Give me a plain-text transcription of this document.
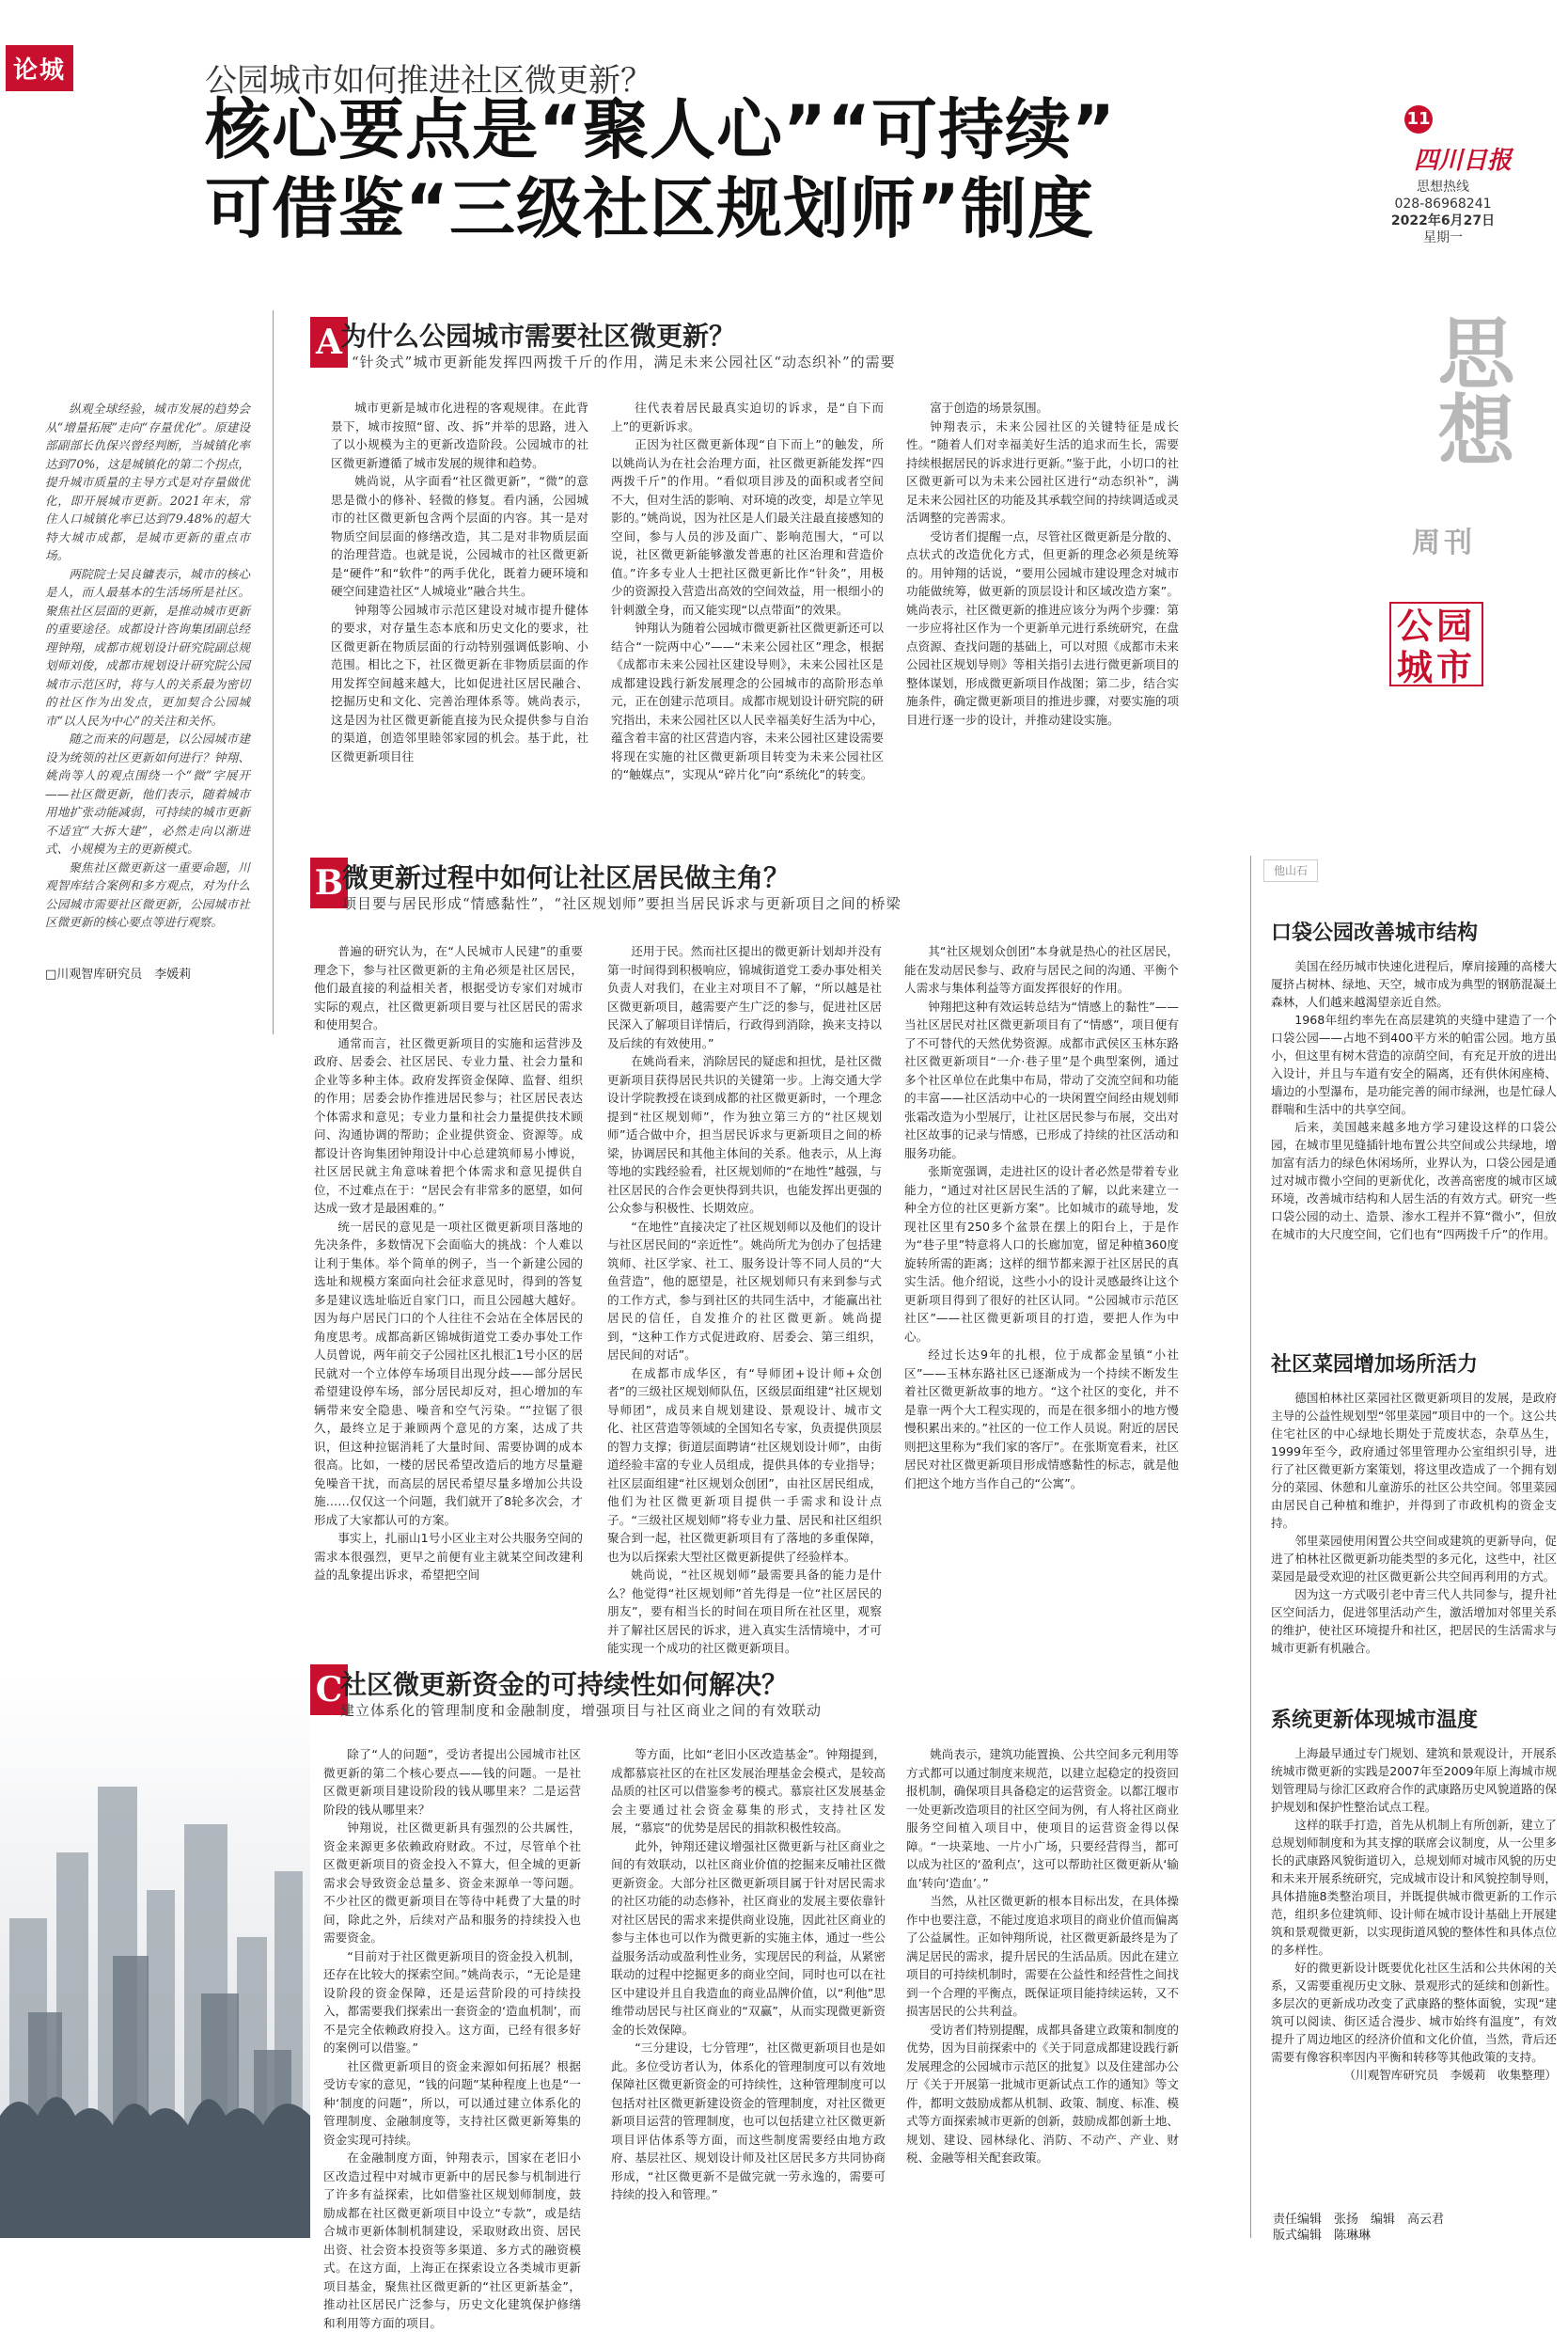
论城	公园城市如何推进社区微更新？
核心要点是“聚人心”“可持续”
可借鉴“三级社区规划师”制度
11
四川日报
思想热线
028-86968241
2022年6月27日
星期一
思想
周刊
公园城市

纵观全球经验，城市发展的趋势会从“增量拓展”走向“存量优化”。原建设部副部长仇保兴曾经判断，当城镇化率达到70%，这是城镇化的第二个拐点，提升城市质量的主导方式是对存量做优化，即开展城市更新。2021年末，常住人口城镇化率已达到79.48%的超大特大城市成都，是城市更新的重点市场。

两院院士吴良镛表示，城市的核心是人，而人最基本的生活场所是社区。聚焦社区层面的更新，是推动城市更新的重要途径。成都设计咨询集团副总经理钟翔，成都市规划设计研究院副总规划师刘俊，成都市规划设计研究院公园城市示范区时，将与人的关系最为密切的社区作为出发点，更加契合公园城市“以人民为中心”的关注和关怀。

随之而来的问题是，以公园城市建设为统领的社区更新如何进行？钟翔、姚尚等人的观点围绕一个“微”字展开——社区微更新，他们表示，随着城市用地扩张动能减弱，可持续的城市更新不适宜“大拆大建”，必然走向以渐进式、小规模为主的更新模式。

聚焦社区微更新这一重要命题，川观智库结合案例和多方观点，对为什么公园城市需要社区微更新，公园城市社区微更新的核心要点等进行观察。

□川观智库研究员　李媛莉
A
为什么公园城市需要社区微更新？
“针灸式”城市更新能发挥四两拨千斤的作用，满足未来公园社区“动态织补”的需要

城市更新是城市化进程的客观规律。在此背景下，城市按照“留、改、拆”并举的思路，进入了以小规模为主的更新改造阶段。公园城市的社区微更新遵循了城市发展的规律和趋势。

姚尚说，从字面看“社区微更新”，“微”的意思是微小的修补、轻微的修复。看内涵，公园城市的社区微更新包含两个层面的内容。其一是对物质空间层面的修缮改造，其二是对非物质层面的治理营造。也就是说，公园城市的社区微更新是“硬件”和“软件”的两手优化，既着力硬环境和硬空间建造社区“人城境业”融合共生。

钟翔等公园城市示范区建设对城市提升健体的要求，对存量生态本底和历史文化的要求，社区微更新在物质层面的行动特别强调低影响、小范围。相比之下，社区微更新在非物质层面的作用发挥空间越来越大，比如促进社区居民融合、挖掘历史和文化、完善治理体系等。姚尚表示，这是因为社区微更新能直接为民众提供参与自治的渠道，创造邻里睦邻家园的机会。基于此，社区微更新项目往

往代表着居民最真实迫切的诉求，是“自下而上”的更新诉求。

正因为社区微更新体现“自下而上”的触发，所以姚尚认为在社会治理方面，社区微更新能发挥“四两拨千斤”的作用。“看似项目涉及的面积或者空间不大，但对生活的影响、对环境的改变，却是立竿见影的。”姚尚说，因为社区是人们最关注最直接感知的空间，参与人员的涉及面广、影响范围大，“可以说，社区微更新能够激发普惠的社区治理和营造价值。”许多专业人士把社区微更新比作“针灸”，用极少的资源投入营造出高效的空间效益，用一根细小的针刺激全身，而又能实现“以点带面”的效果。

钟翔认为随着公园城市微更新社区微更新还可以结合“一院两中心”——“未来公园社区”理念，根据《成都市未来公园社区建设导则》，未来公园社区是成都建设践行新发展理念的公园城市的高阶形态单元，正在创建示范项目。成都市规划设计研究院的研究指出，未来公园社区以人民幸福美好生活为中心，蕴含着丰富的社区营造内容，未来公园社区建设需要将现在实施的社区微更新项目转变为未来公园社区的“触媒点”，实现从“碎片化”向“系统化”的转变。

富于创造的场景氛围。

钟翔表示，未来公园社区的关键特征是成长性。“随着人们对幸福美好生活的追求而生长，需要持续根据居民的诉求进行更新。”鉴于此，小切口的社区微更新可以为未来公园社区进行“动态织补”，满足未来公园社区的功能及其承载空间的持续调适或灵活调整的完善需求。

受访者们提醒一点，尽管社区微更新是分散的、点状式的改造优化方式，但更新的理念必须是统筹的。用钟翔的话说，“要用公园城市建设理念对城市功能做统筹，做更新的顶层设计和区域改造方案”。姚尚表示，社区微更新的推进应该分为两个步骤：第一步应将社区作为一个更新单元进行系统研究，在盘点资源、查找问题的基础上，可以对照《成都市未来公园社区规划导则》等相关指引去进行微更新项目的整体谋划，形成微更新项目作战图；第二步，结合实施条件，确定微更新项目的推进步骤，对要实施的项目进行逐一步的设计，并推动建设实施。

B
微更新过程中如何让社区居民做主角？
项目要与居民形成“情感黏性”，“社区规划师”要担当居民诉求与更新项目之间的桥梁

普遍的研究认为，在“人民城市人民建”的重要理念下，参与社区微更新的主角必须是社区居民，他们最直接的利益相关者，根据受访专家们对城市实际的观点，社区微更新项目要与社区居民的需求和使用契合。

通常而言，社区微更新项目的实施和运营涉及政府、居委会、社区居民、专业力量、社会力量和企业等多种主体。政府发挥资金保障、监督、组织的作用；居委会协作推进居民参与；社区居民表达个体需求和意见；专业力量和社会力量提供技术顾问、沟通协调的帮助；企业提供资金、资源等。成都设计咨询集团钟翔设计中心总建筑师易小博说，社区居民就主角意味着把个体需求和意见提供自位，不过难点在于：“居民会有非常多的愿望，如何达成一致才是最困难的。”

统一居民的意见是一项社区微更新项目落地的先决条件，多数情况下会面临大的挑战：个人难以让利于集体。举个简单的例子，当一个新建公园的选址和规模方案面向社会征求意见时，得到的答复多是建议选址临近自家门口，而且公园越大越好。因为每户居民门口的个人往往不会站在全体居民的角度思考。成都高新区锦城街道党工委办事处工作人员曾说，两年前交子公园社区扎根汇1号小区的居民就对一个立体停车场项目出现分歧——部分居民希望建设停车场，部分居民却反对，担心增加的车辆带来安全隐患、噪音和空气污染。“”拉锯了很久，最终立足于兼顾两个意见的方案，达成了共识，但这种拉锯消耗了大量时间、需要协调的成本很高。比如，一楼的居民希望改造后的地方尽量避免噪音干扰，而高层的居民希望尽量多增加公共设施……仅仅这一个问题，我们就开了8轮多次会，才形成了大家都认可的方案。

事实上，扎丽山1号小区业主对公共服务空间的需求本很强烈，更早之前便有业主就某空间改建利益的乱象提出诉求，希望把空间

还用于民。然而社区提出的微更新计划却并没有第一时间得到积极响应，锦城街道党工委办事处相关负责人对我们，在业主对项目不了解，“所以越是社区微更新项目，越需要产生广泛的参与，促进社区居民深入了解项目详情后，行政得到消除，换来支持以及后续的有效使用。”

在姚尚看来，消除居民的疑虑和担忧，是社区微更新项目获得居民共识的关键第一步。上海交通大学设计学院教授在谈到成都的社区微更新时，一个理念提到“社区规划师”，作为独立第三方的“社区规划师”适合做中介，担当居民诉求与更新项目之间的桥梁，协调居民和其他主体间的关系。他表示，从上海等地的实践经验看，社区规划师的“在地性”越强，与社区居民的合作会更快得到共识，也能发挥出更强的公众参与积极性、长期效应。

“在地性”直接决定了社区规划师以及他们的设计与社区居民间的“亲近性”。姚尚所尤为创办了包括建筑师、社区学家、社工、服务设计等不同人员的“大鱼营造”，他的愿望是，社区规划师只有来到参与式的工作方式，参与到社区的共同生活中，才能赢出社居民的信任，自发推介的社区微更新。姚尚提到，“这种工作方式促进政府、居委会、第三组织，居民间的对话”。

在成都市成华区，有“导师团+设计师+众创者”的三级社区规划师队伍，区级层面组建“社区规划导师团”，成员来自规划建设、景观设计、城市文化、社区营造等领域的全国知名专家，负责提供顶层的智力支撑；街道层面聘请“社区规划设计师”，由街道经验丰富的专业人员组成，提供具体的专业指导；社区层面组建“社区规划众创团”，由社区居民组成，他们为社区微更新项目提供一手需求和设计点子。“三级社区规划师”将专业力量、居民和社区组织聚合到一起，社区微更新项目有了落地的多重保障，也为以后探索大型社区微更新提供了经验样本。

姚尚说，“社区规划师”最需要具备的能力是什么？他觉得“社区规划师”首先得是一位“社区居民的朋友”，要有相当长的时间在项目所在社区里，观察并了解社区居民的诉求，进入真实生活情境中，才可能实现一个成功的社区微更新项目。

其“社区规划众创团”本身就是热心的社区居民，能在发动居民参与、政府与居民之间的沟通、平衡个人需求与集体利益等方面发挥很好的作用。

钟翔把这种有效运转总结为“情感上的黏性”——当社区居民对社区微更新项目有了“情感”，项目便有了不可替代的天然优势资源。成都市武侯区玉林东路社区微更新项目“一介·巷子里”是个典型案例，通过多个社区单位在此集中布局，带动了交流空间和功能的丰富——社区活动中心的一块闲置空间经由规划师张霜改造为小型展厅，让社区居民参与布展，交出对社区故事的记录与情感，已形成了持续的社区活动和服务功能。

张斯宽强调，走进社区的设计者必然是带着专业能力，“通过对社区居民生活的了解，以此来建立一种全方位的社区更新方案”。比如城市的疏导地，发现社区里有250多个盆景在摆上的阳台上，于是作为“巷子里”特意将人口的长廊加宽，留足种植360度旋转所需的距离；这样的细节都来源于社区居民的真实生活。他介绍说，这些小小的设计灵感最终让这个更新项目得到了很好的社区认同。“公园城市示范区社区”——社区微更新项目的打造，要把人作为中心。

经过长达9年的扎根，位于成都金星镇“小社区”——玉林东路社区已逐渐成为一个持续不断发生着社区微更新故事的地方。“这个社区的变化，并不是靠一两个大工程实现的，而是在很多细小的地方慢慢积累出来的。”社区的一位工作人员说。附近的居民则把这里称为“我们家的客厅”。在张斯宽看来，社区居民对社区微更新项目形成情感黏性的标志，就是他们把这个地方当作自己的“公寓”。

C
社区微更新资金的可持续性如何解决？
建立体系化的管理制度和金融制度，增强项目与社区商业之间的有效联动

除了“人的问题”，受访者提出公园城市社区微更新的第二个核心要点——钱的问题。一是社区微更新项目建设阶段的钱从哪里来？二是运营阶段的钱从哪里来？

钟翔说，社区微更新具有强烈的公共属性，资金来源更多依赖政府财政。不过，尽管单个社区微更新项目的资金投入不算大，但全城的更新需求会导致资金总量多、资金来源单一等问题。不少社区的微更新项目在等待中耗费了大量的时间，除此之外，后续对产品和服务的持续投入也需要资金。

“目前对于社区微更新项目的资金投入机制，还存在比较大的探索空间。”姚尚表示，“无论是建设阶段的资金保障，还是运营阶段的可持续投入，都需要我们探索出一套资金的‘造血机制’，而不是完全依赖政府投入。这方面，已经有很多好的案例可以借鉴。”

社区微更新项目的资金来源如何拓展？根据受访专家的意见，“钱的问题”某种程度上也是“一种‘制度的问题”，所以，可以通过建立体系化的管理制度、金融制度等，支持社区微更新筹集的资金实现可持续。

在金融制度方面，钟翔表示，国家在老旧小区改造过程中对城市更新中的居民参与机制进行了许多有益探索，比如借鉴社区规划师制度，鼓励成都在社区微更新项目中设立“专款”，或是结合城市更新体制机制建设，采取财政出资、居民出资、社会资本投资等多渠道、多方式的融资模式。在这方面，上海正在探索设立各类城市更新项目基金，聚焦社区微更新的“社区更新基金”，推动社区居民广泛参与，历史文化建筑保护修缮和利用等方面的项目。

等方面，比如“老旧小区改造基金”。钟翔提到，成都慕宸社区的在社区发展治理基金会模式，是较高品质的社区可以借鉴参考的模式。慕宸社区发展基金会主要通过社会资金募集的形式，支持社区发展，“慕宸”的优势是居民的捐款积极性较高。

此外，钟翔还建议增强社区微更新与社区商业之间的有效联动，以社区商业价值的挖掘来反哺社区微更新资金。大部分社区微更新项目属于针对居民需求的社区功能的动态修补，社区商业的发展主要依靠针对社区居民的需求来提供商业设施，因此社区商业的参与主体也可以作为微更新的实施主体，通过一些公益服务活动或盈利性业务，实现居民的利益，从紧密联动的过程中挖掘更多的商业空间，同时也可以在社区中建设并且自我造血的商业品牌价值，以“利他”思维带动居民与社区商业的“双赢”，从而实现微更新资金的长效保障。

“三分建设，七分管理”，社区微更新项目也是如此。多位受访者认为，体系化的管理制度可以有效地保障社区微更新资金的可持续性，这种管理制度可以包括对社区微更新建设资金的管理制度，对社区微更新项目运营的管理制度，也可以包括建立社区微更新项目评估体系等方面，而这些制度需要经由地方政府、基层社区、规划设计师及社区居民多方共同协商形成，“社区微更新不是做完就一劳永逸的，需要可持续的投入和管理。”

姚尚表示，建筑功能置换、公共空间多元利用等方式都可以通过制度来规范，以建立起稳定的投资回报机制，确保项目具备稳定的运营资金。以都江堰市一处更新改造项目的社区空间为例，有人将社区商业服务空间植入项目中，使项目的运营资金得以保障。“一块菜地、一片小广场，只要经营得当，都可以成为社区的‘盈利点’，这可以帮助社区微更新从‘输血’转向‘造血’。”

当然，从社区微更新的根本目标出发，在具体操作中也要注意，不能过度追求项目的商业价值而偏离了公益属性。正如钟翔所说，社区微更新最终是为了满足居民的需求，提升居民的生活品质。因此在建立项目的可持续机制时，需要在公益性和经营性之间找到一个合理的平衡点，既保证项目能持续运转，又不损害居民的公共利益。

受访者们特别提醒，成都具备建立政策和制度的优势，因为目前探索中的《关于同意成都建设践行新发展理念的公园城市示范区的批复》以及住建部办公厅《关于开展第一批城市更新试点工作的通知》等文件，都明文鼓励成都从机制、政策、制度、标准、模式等方面探索城市更新的创新，鼓励成都创新土地、规划、建设、园林绿化、消防、不动产、产业、财税、金融等相关配套政策。

他山石
口袋公园改善城市结构

美国在经历城市快速化进程后，摩肩接踵的高楼大厦挤占树林、绿地、天空，城市成为典型的钢筋混凝土森林，人们越来越渴望亲近自然。

1968年纽约率先在高层建筑的夹缝中建造了一个口袋公园——占地不到400平方米的帕雷公园。地方虽小，但这里有树木营造的凉荫空间，有充足开放的进出入设计，并且与车道有安全的隔离，还有供休闲座椅、墙边的小型瀑布，是功能完善的闹市绿洲，也是忙碌人群喘和生活中的共享空间。

后来，美国越来越多地方学习建设这样的口袋公园，在城市里见缝插针地布置公共空间或公共绿地，增加富有活力的绿色休闲场所，业界认为，口袋公园是通过对城市微小空间的更新优化，改善高密度的城市区域环境，改善城市结构和人居生活的有效方式。研究一些口袋公园的动土、造景、渗水工程并不算“微小”，但放在城市的大尺度空间，它们也有“四两拨千斤”的作用。

社区菜园增加场所活力

德国柏林社区菜园社区微更新项目的发展，是政府主导的公益性规划型“邻里菜园”项目中的一个。这公共住宅社区的中心绿地长期处于荒废状态，杂草丛生，1999年至今，政府通过邻里管理办公室组织引导，进行了社区微更新方案策划，将这里改造成了一个拥有划分的菜园、休憩和儿童游乐的社区公共空间。邻里菜园由居民自己种植和维护，并得到了市政机构的资金支持。

邻里菜园使用闲置公共空间或建筑的更新导向，促进了柏林社区微更新功能类型的多元化，这些中，社区菜园是最受欢迎的社区微更新公共空间再利用的方式。

因为这一方式吸引老中青三代人共同参与，提升社区空间活力，促进邻里活动产生，激活增加对邻里关系的维护，使社区环境提升和社区，把居民的生活需求与城市更新有机融合。

系统更新体现城市温度

上海最早通过专门规划、建筑和景观设计，开展系统城市微更新的实践是2007年至2009年原上海城市规划管理局与徐汇区政府合作的武康路历史风貌道路的保护规划和保护性整治试点工程。

这样的联手打造，首先从机制上有所创新，建立了总规划师制度和为其支撑的联席会议制度，从一公里多长的武康路风貌街道切入，总规划师对城市风貌的历史和未来开展系统研究，完成城市设计和风貌控制导则，具体措施8类整治项目，并既提供城市微更新的工作示范，组织多位建筑师、设计师在城市设计基础上开展建筑和景观微更新，以实现街道风貌的整体性和具体点位的多样性。

好的微更新设计既要优化社区生活和公共休闲的关系，又需要重视历史文脉、景观形式的延续和创新性。多层次的更新成功改变了武康路的整体面貌，实现“建筑可以阅读、街区适合漫步、城市始终有温度”，有效提升了周边地区的经济价值和文化价值，当然，背后还需要有像容积率因内平衡和转移等其他政策的支持。

（川观智库研究员　李媛莉　收集整理）
责任编辑　张扬　编辑　高云君
版式编辑　陈琳琳
